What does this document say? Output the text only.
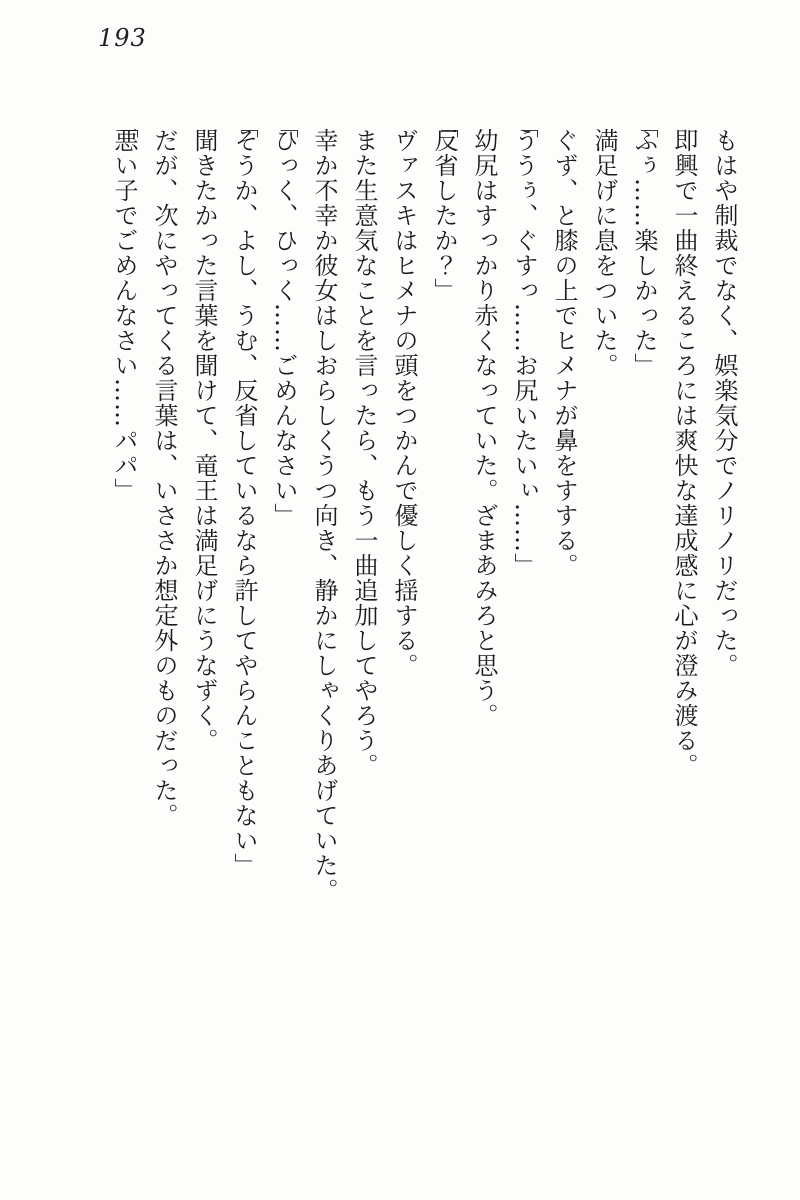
193

もはや制裁でなく、娯楽気分でノリノリだった。

即興で一曲終えるころには爽快な達成感に心が澄み渡る。

「ふぅ……楽しかった」

満足げに息をついた。

ぐず、と膝の上でヒメナが鼻をすする。

「ううぅ、ぐすっ……お尻いたいぃ……」

幼尻はすっかり赤くなっていた。ざまあみろと思う。

「反省したか？」

ヴァスキはヒメナの頭をつかんで優しく揺する。

また生意気なことを言ったら、もう一曲追加してやろう。

幸か不幸か彼女はしおらしくうつ向き、静かにしゃくりあげていた。

「ひっく、ひっく……ごめんなさい」

「そうか、よし、うむ、反省しているなら許してやらんこともない」

聞きたかった言葉を聞けて、竜王は満足げにうなずく。

だが、次にやってくる言葉は、いささか想定外のものだった。

「悪い子でごめんなさい……パパ」
